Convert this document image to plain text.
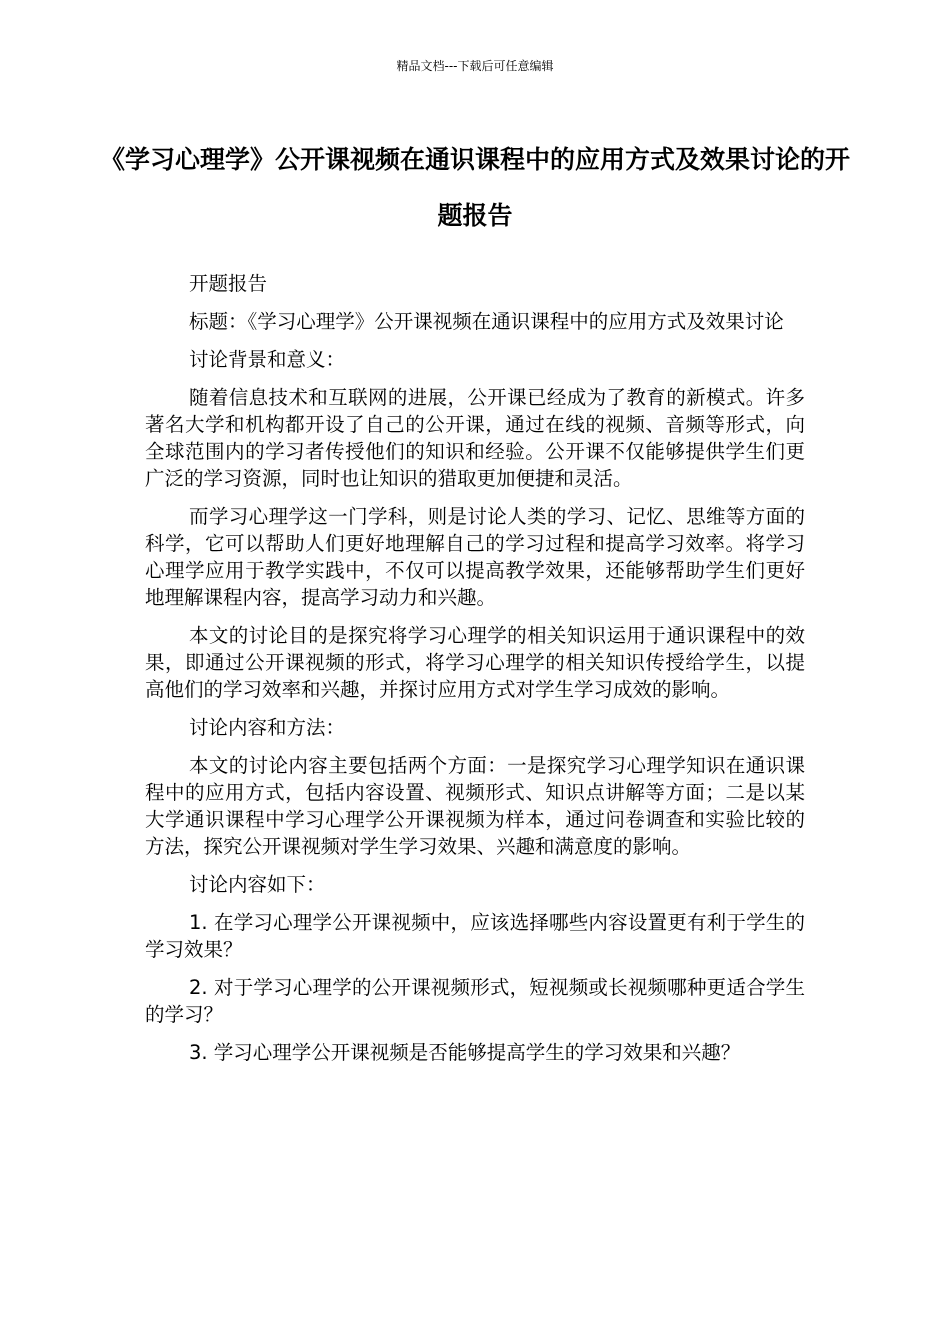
精品文档---下载后可任意编辑
《学习心理学》公开课视频在通识课程中的应用方式及效果讨论的开题报告

开题报告

标题：《学习心理学》公开课视频在通识课程中的应用方式及效果讨论

讨论背景和意义：

随着信息技术和互联网的进展，公开课已经成为了教育的新模式。许多著名大学和机构都开设了自己的公开课，通过在线的视频、音频等形式，向全球范围内的学习者传授他们的知识和经验。公开课不仅能够提供学生们更广泛的学习资源，同时也让知识的猎取更加便捷和灵活。

而学习心理学这一门学科，则是讨论人类的学习、记忆、思维等方面的科学，它可以帮助人们更好地理解自己的学习过程和提高学习效率。将学习心理学应用于教学实践中，不仅可以提高教学效果，还能够帮助学生们更好地理解课程内容，提高学习动力和兴趣。

本文的讨论目的是探究将学习心理学的相关知识运用于通识课程中的效果，即通过公开课视频的形式，将学习心理学的相关知识传授给学生，以提高他们的学习效率和兴趣，并探讨应用方式对学生学习成效的影响。

讨论内容和方法：

本文的讨论内容主要包括两个方面：一是探究学习心理学知识在通识课程中的应用方式，包括内容设置、视频形式、知识点讲解等方面；二是以某大学通识课程中学习心理学公开课视频为样本，通过问卷调查和实验比较的方法，探究公开课视频对学生学习效果、兴趣和满意度的影响。

讨论内容如下：

1. 在学习心理学公开课视频中，应该选择哪些内容设置更有利于学生的学习效果？

2. 对于学习心理学的公开课视频形式，短视频或长视频哪种更适合学生的学习？

3. 学习心理学公开课视频是否能够提高学生的学习效果和兴趣？
